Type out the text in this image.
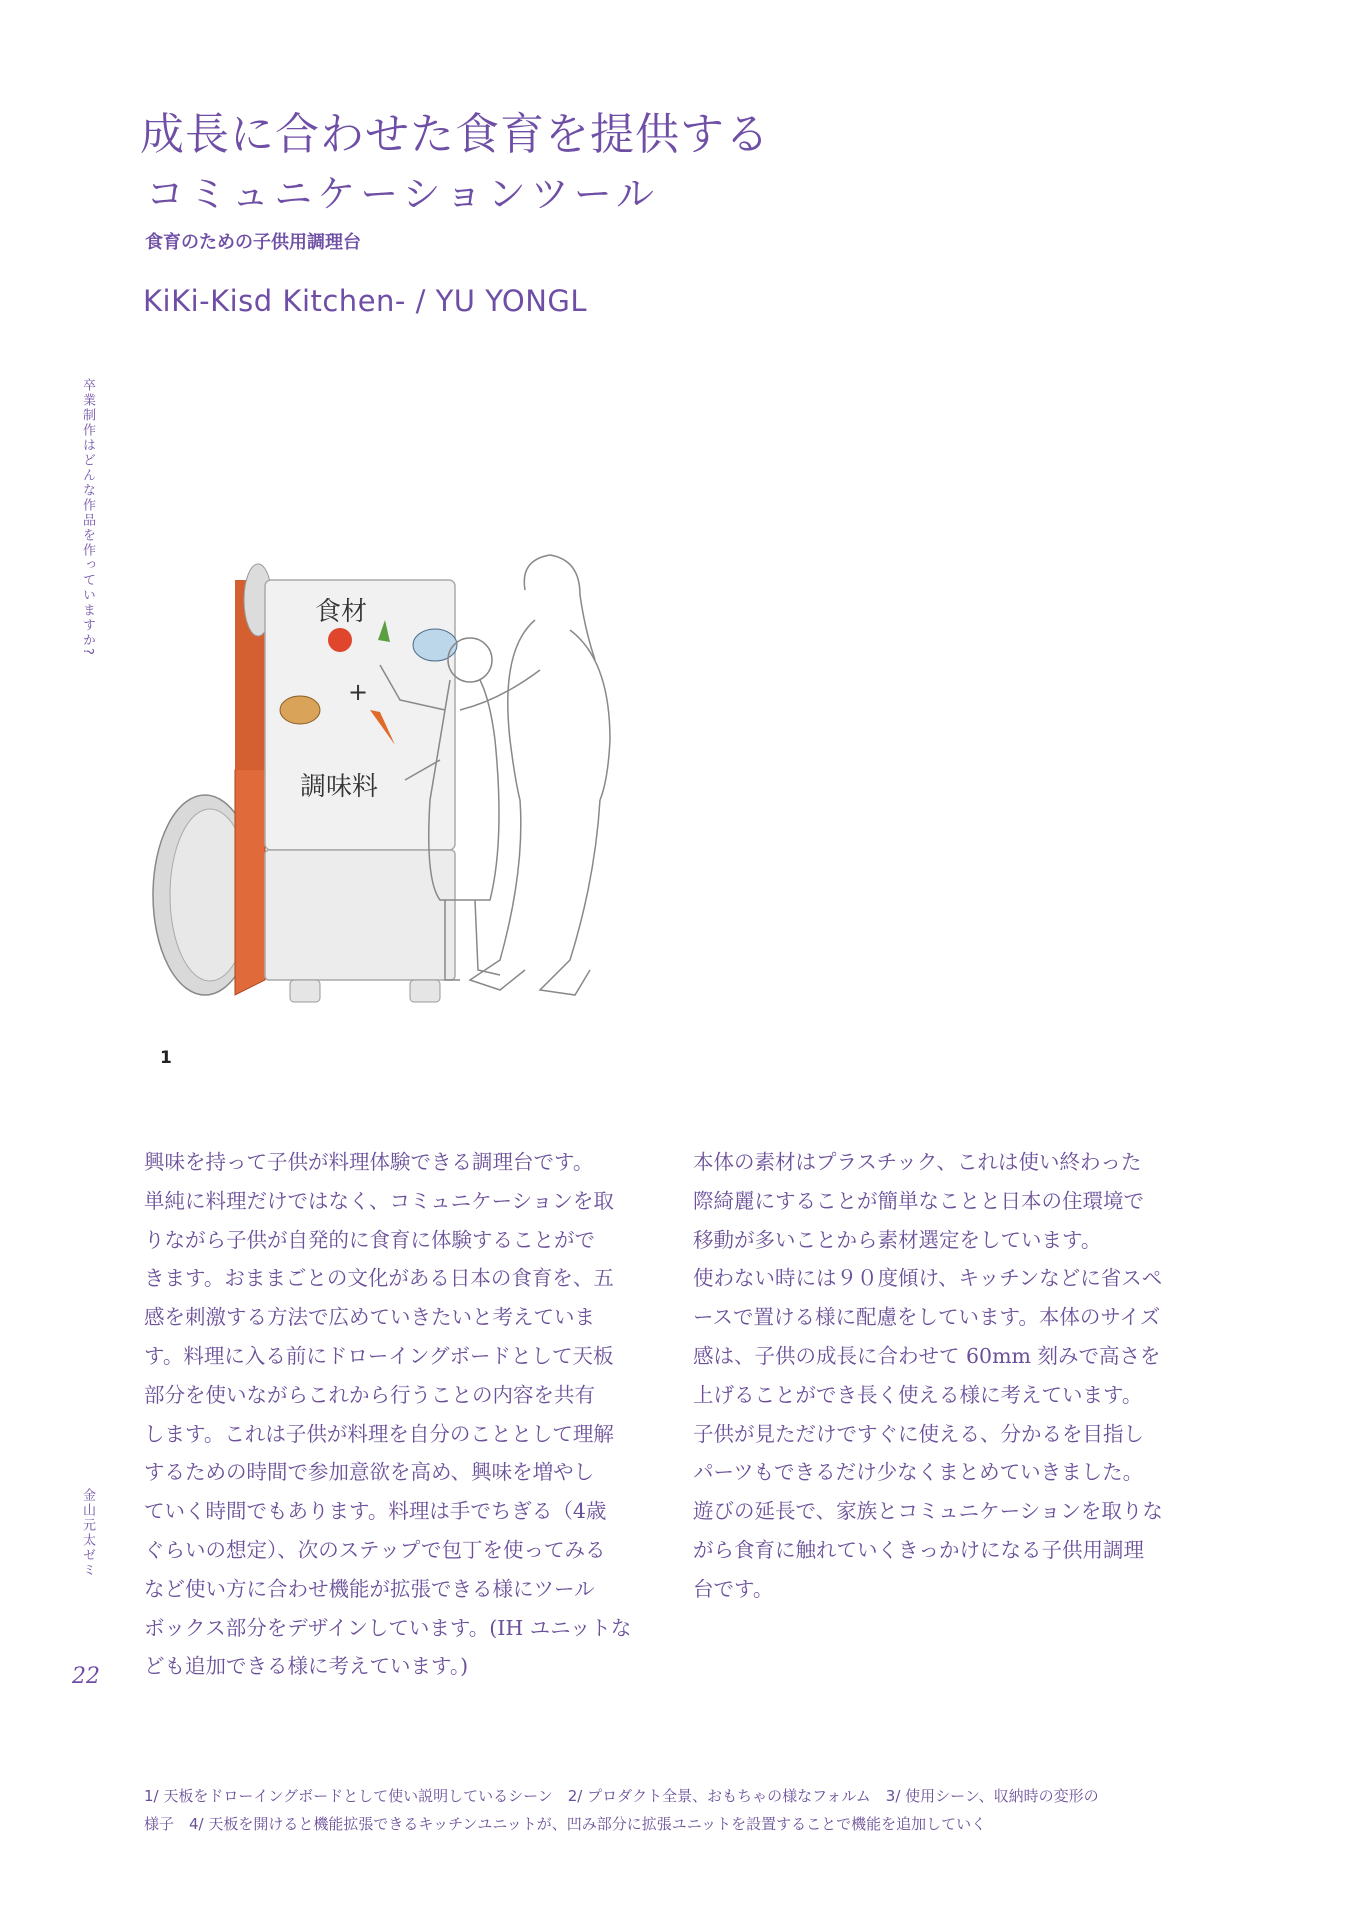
成長に合わせた食育を提供する
コミュニケーションツール
食育のための子供用調理台
KiKi-Kisd Kitchen- / YU YONGL
卒業制作はどんな作品を作っていますか?
金山元太ゼミ
22
食材
+
調味料
1
興味を持って子供が料理体験できる調理台です。
単純に料理だけではなく、コミュニケーションを取
りながら子供が自発的に食育に体験することがで
きます。おままごとの文化がある日本の食育を、五
感を刺激する方法で広めていきたいと考えていま
す。料理に入る前にドローイングボードとして天板
部分を使いながらこれから行うことの内容を共有
します。これは子供が料理を自分のこととして理解
するための時間で参加意欲を高め、興味を増やし
ていく時間でもあります。料理は手でちぎる（4歳
ぐらいの想定）、次のステップで包丁を使ってみる
など使い方に合わせ機能が拡張できる様にツール
ボックス部分をデザインしています。(IH ユニットな
ども追加できる様に考えています。)
本体の素材はプラスチック、これは使い終わった
際綺麗にすることが簡単なことと日本の住環境で
移動が多いことから素材選定をしています。
使わない時には９０度傾け、キッチンなどに省スペ
ースで置ける様に配慮をしています。本体のサイズ
感は、子供の成長に合わせて 60mm 刻みで高さを
上げることができ長く使える様に考えています。
子供が見ただけですぐに使える、分かるを目指し
パーツもできるだけ少なくまとめていきました。
遊びの延長で、家族とコミュニケーションを取りな
がら食育に触れていくきっかけになる子供用調理
台です。
1/ 天板をドローイングボードとして使い説明しているシーン　2/ プロダクト全景、おもちゃの様なフォルム　3/ 使用シーン、収納時の変形の
様子　4/ 天板を開けると機能拡張できるキッチンユニットが、凹み部分に拡張ユニットを設置することで機能を追加していく
